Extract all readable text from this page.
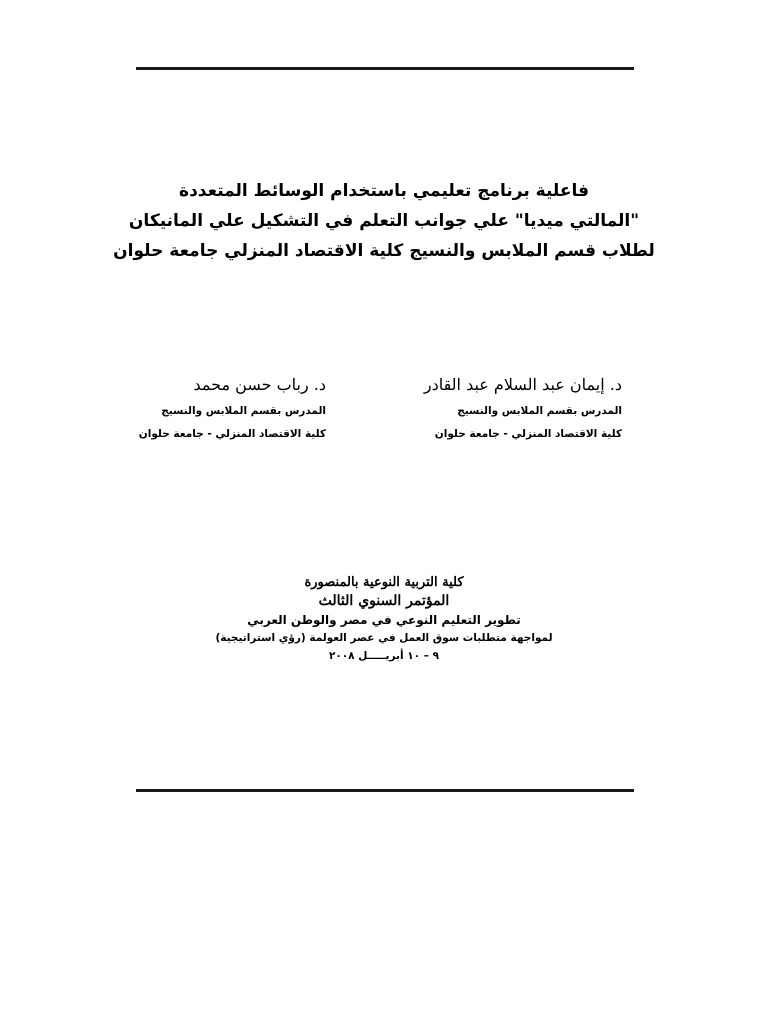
فاعلية برنامج تعليمي باستخدام الوسائط المتعددة
"المالتي ميديا" علي جوانب التعلم في التشكيل علي المانيكان
لطلاب قسم الملابس والنسيج كلية الاقتصاد المنزلي جامعة حلوان
د. إيمان عبد السلام عبد القادر
المدرس بقسم الملابس والنسيج
كلية الاقتصاد المنزلي - جامعة حلوان
د. رباب حسن محمد
المدرس بقسم الملابس والنسيج
كلية الاقتصاد المنزلي - جامعة حلوان
كلية التربية النوعية بالمنصورة
المؤتمر السنوي الثالث
تطوير التعليم النوعي في مصر والوطن العربي
لمواجهة متطلبات سوق العمل في عصر العولمة (رؤي استراتيجية)
٩ – ١٠ أبريـــــل ٢٠٠٨
